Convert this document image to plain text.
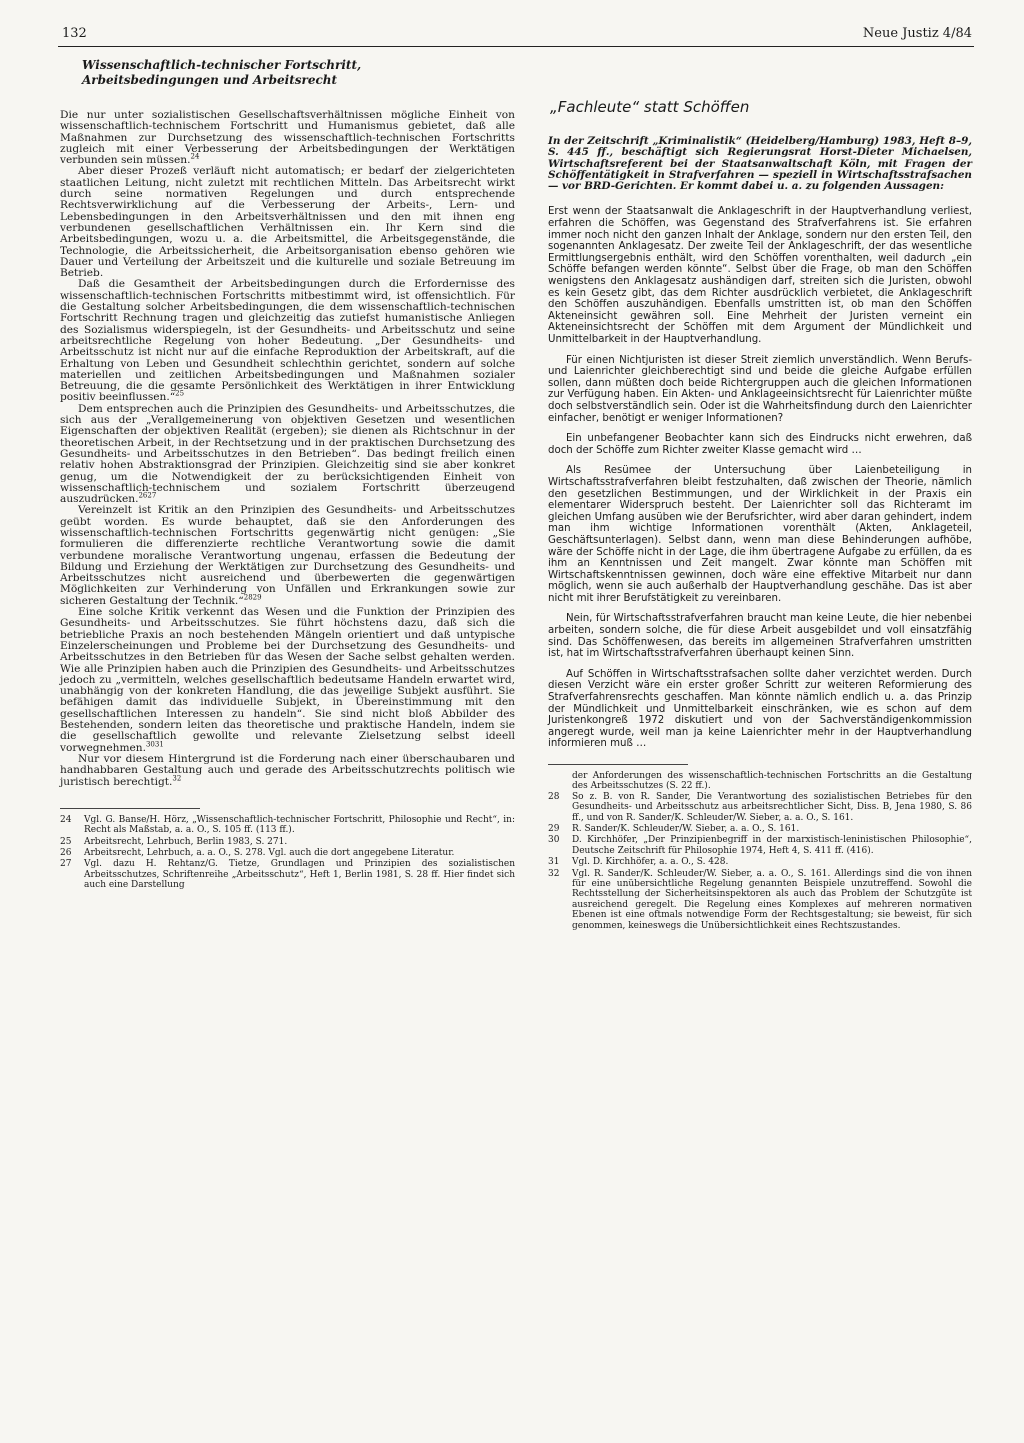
132	Neue Justiz 4/84
Wissenschaftlich-technischer Fortschritt,
Arbeitsbedingungen und Arbeitsrecht

Die nur unter sozialistischen Gesellschaftsverhältnissen mögliche Einheit von wissenschaftlich-technischem Fortschritt und Humanismus gebietet, daß alle Maßnahmen zur Durchsetzung des wissenschaftlich-technischen Fortschritts zugleich mit einer Verbesserung der Arbeitsbedingungen der Werktätigen verbunden sein müssen.$^{24}$

Aber dieser Prozeß verläuft nicht automatisch; er bedarf der zielgerichteten staatlichen Leitung, nicht zuletzt mit rechtlichen Mitteln. Das Arbeitsrecht wirkt durch seine normativen Regelungen und durch entsprechende Rechtsverwirklichung auf die Verbesserung der Arbeits-, Lern- und Lebensbedingungen in den Arbeitsverhältnissen und den mit ihnen eng verbundenen gesellschaftlichen Verhältnissen ein. Ihr Kern sind die Arbeitsbedingungen, wozu u. a. die Arbeitsmittel, die Arbeitsgegenstände, die Technologie, die Arbeitssicherheit, die Arbeitsorganisation ebenso gehören wie Dauer und Verteilung der Arbeitszeit und die kulturelle und soziale Betreuung im Betrieb.

Daß die Gesamtheit der Arbeitsbedingungen durch die Erfordernisse des wissenschaftlich-technischen Fortschritts mitbestimmt wird, ist offensichtlich. Für die Gestaltung solcher Arbeitsbedingungen, die dem wissenschaftlich-technischen Fortschritt Rechnung tragen und gleichzeitig das zutiefst humanistische Anliegen des Sozialismus widerspiegeln, ist der Gesundheits- und Arbeitsschutz und seine arbeitsrechtliche Regelung von hoher Bedeutung. „Der Gesundheits- und Arbeitsschutz ist nicht nur auf die einfache Reproduktion der Arbeitskraft, auf die Erhaltung von Leben und Gesundheit schlechthin gerichtet, sondern auf solche materiellen und zeitlichen Arbeitsbedingungen und Maßnahmen sozialer Betreuung, die die gesamte Persönlichkeit des Werktätigen in ihrer Entwicklung positiv beeinflussen.“$^{25}$

Dem entsprechen auch die Prinzipien des Gesundheits- und Arbeitsschutzes, die sich aus der „Verallgemeinerung von objektiven Gesetzen und wesentlichen Eigenschaften der objektiven Realität (ergeben); sie dienen als Richtschnur in der theoretischen Arbeit, in der Rechtsetzung und in der praktischen Durchsetzung des Gesundheits- und Arbeitsschutzes in den Betrieben“. Das bedingt freilich einen relativ hohen Abstraktionsgrad der Prinzipien. Gleichzeitig sind sie aber konkret genug, um die Notwendigkeit der zu berücksichtigenden Einheit von wissenschaftlich-technischem und sozialem Fortschritt überzeugend auszudrücken.$^{2627}$

Vereinzelt ist Kritik an den Prinzipien des Gesundheits- und Arbeitsschutzes geübt worden. Es wurde behauptet, daß sie den Anforderungen des wissenschaftlich-technischen Fortschritts gegenwärtig nicht genügen: „Sie formulieren die differenzierte rechtliche Verantwortung sowie die damit verbundene moralische Verantwortung ungenau, erfassen die Bedeutung der Bildung und Erziehung der Werktätigen zur Durchsetzung des Gesundheits- und Arbeitsschutzes nicht ausreichend und überbewerten die gegenwärtigen Möglichkeiten zur Verhinderung von Unfällen und Erkrankungen sowie zur sicheren Gestaltung der Technik.“$^{2829}$

Eine solche Kritik verkennt das Wesen und die Funktion der Prinzipien des Gesundheits- und Arbeitsschutzes. Sie führt höchstens dazu, daß sich die betriebliche Praxis an noch bestehenden Mängeln orientiert und daß untypische Einzelerscheinungen und Probleme bei der Durchsetzung des Gesundheits- und Arbeitsschutzes in den Betrieben für das Wesen der Sache selbst gehalten werden. Wie alle Prinzipien haben auch die Prinzipien des Gesundheits- und Arbeitsschutzes jedoch zu „vermitteln, welches gesellschaftlich bedeutsame Handeln erwartet wird, unabhängig von der konkreten Handlung, die das jeweilige Subjekt ausführt. Sie befähigen damit das individuelle Subjekt, in Übereinstimmung mit den gesellschaftlichen Interessen zu handeln“. Sie sind nicht bloß Abbilder des Bestehenden, sondern leiten das theoretische und praktische Handeln, indem sie die gesellschaftlich gewollte und relevante Zielsetzung selbst ideell vorwegnehmen.$^{3031}$

Nur vor diesem Hintergrund ist die Forderung nach einer überschaubaren und handhabbaren Gestaltung auch und gerade des Arbeitsschutzrechts politisch wie juristisch berechtigt.$^{32}$

24	Vgl. G. Banse/H. Hörz, „Wissenschaftlich-technischer Fortschritt, Philosophie und Recht“, in: Recht als Maßstab, a. a. O., S. 105 ff. (113 ff.).
25	Arbeitsrecht, Lehrbuch, Berlin 1983, S. 271.
26	Arbeitsrecht, Lehrbuch, a. a. O., S. 278. Vgl. auch die dort angegebene Literatur.
27	Vgl. dazu H. Rehtanz/G. Tietze, Grundlagen und Prinzipien des sozialistischen Arbeitsschutzes, Schriftenreihe „Arbeitsschutz“, Heft 1, Berlin 1981, S. 28 ff. Hier findet sich auch eine Darstellung
„Fachleute“ statt Schöffen

In der Zeitschrift „Kriminalistik“ (Heidelberg/Hamburg) 1983, Heft 8–9, S. 445 ff., beschäftigt sich Regierungsrat Horst-Dieter Michaelsen, Wirtschaftsreferent bei der Staatsanwaltschaft Köln, mit Fragen der Schöffentätigkeit in Strafverfahren — speziell in Wirtschaftsstrafsachen — vor BRD-Gerichten. Er kommt dabei u. a. zu folgenden Aussagen:

Erst wenn der Staatsanwalt die Anklageschrift in der Hauptverhandlung verliest, erfahren die Schöffen, was Gegenstand des Strafverfahrens ist. Sie erfahren immer noch nicht den ganzen Inhalt der Anklage, sondern nur den ersten Teil, den sogenannten Anklagesatz. Der zweite Teil der Anklageschrift, der das wesentliche Ermittlungsergebnis enthält, wird den Schöffen vorenthalten, weil dadurch „ein Schöffe befangen werden könnte“. Selbst über die Frage, ob man den Schöffen wenigstens den Anklagesatz aushändigen darf, streiten sich die Juristen, obwohl es kein Gesetz gibt, das dem Richter ausdrücklich verbietet, die Anklageschrift den Schöffen auszuhändigen. Ebenfalls umstritten ist, ob man den Schöffen Akteneinsicht gewähren soll. Eine Mehrheit der Juristen verneint ein Akteneinsichtsrecht der Schöffen mit dem Argument der Mündlichkeit und Unmittelbarkeit in der Hauptverhandlung.

Für einen Nichtjuristen ist dieser Streit ziemlich unverständlich. Wenn Berufs- und Laienrichter gleichberechtigt sind und beide die gleiche Aufgabe erfüllen sollen, dann müßten doch beide Richtergruppen auch die gleichen Informationen zur Verfügung haben. Ein Akten- und Anklageeinsichtsrecht für Laienrichter müßte doch selbstverständlich sein. Oder ist die Wahrheitsfindung durch den Laienrichter einfacher, benötigt er weniger Informationen?

Ein unbefangener Beobachter kann sich des Eindrucks nicht erwehren, daß doch der Schöffe zum Richter zweiter Klasse gemacht wird …

Als Resümee der Untersuchung über Laienbeteiligung in Wirtschaftsstrafverfahren bleibt festzuhalten, daß zwischen der Theorie, nämlich den gesetzlichen Bestimmungen, und der Wirklichkeit in der Praxis ein elementarer Widerspruch besteht. Der Laienrichter soll das Richteramt im gleichen Umfang ausüben wie der Berufsrichter, wird aber daran gehindert, indem man ihm wichtige Informationen vorenthält (Akten, Anklageteil, Geschäftsunterlagen). Selbst dann, wenn man diese Behinderungen aufhöbe, wäre der Schöffe nicht in der Lage, die ihm übertragene Aufgabe zu erfüllen, da es ihm an Kenntnissen und Zeit mangelt. Zwar könnte man Schöffen mit Wirtschaftskenntnissen gewinnen, doch wäre eine effektive Mitarbeit nur dann möglich, wenn sie auch außerhalb der Hauptverhandlung geschähe. Das ist aber nicht mit ihrer Berufstätigkeit zu vereinbaren.

Nein, für Wirtschaftsstrafverfahren braucht man keine Leute, die hier nebenbei arbeiten, sondern solche, die für diese Arbeit ausgebildet und voll einsatzfähig sind. Das Schöffenwesen, das bereits im allgemeinen Strafverfahren umstritten ist, hat im Wirtschaftsstrafverfahren überhaupt keinen Sinn.

Auf Schöffen in Wirtschaftsstrafsachen sollte daher verzichtet werden. Durch diesen Verzicht wäre ein erster großer Schritt zur weiteren Reformierung des Strafverfahrensrechts geschaffen. Man könnte nämlich endlich u. a. das Prinzip der Mündlichkeit und Unmittelbarkeit einschränken, wie es schon auf dem Juristenkongreß 1972 diskutiert und von der Sachverständigenkommission angeregt wurde, weil man ja keine Laienrichter mehr in der Hauptverhandlung informieren muß …

der Anforderungen des wissenschaftlich-technischen Fortschritts an die Gestaltung des Arbeitsschutzes (S. 22 ff.).
28	So z. B. von R. Sander, Die Verantwortung des sozialistischen Betriebes für den Gesundheits- und Arbeitsschutz aus arbeitsrechtlicher Sicht, Diss. B, Jena 1980, S. 86 ff., und von R. Sander/K. Schleuder/W. Sieber, a. a. O., S. 161.
29	R. Sander/K. Schleuder/W. Sieber, a. a. O., S. 161.
30	D. Kirchhöfer, „Der Prinzipienbegriff in der marxistisch-leninistischen Philosophie“, Deutsche Zeitschrift für Philosophie 1974, Heft 4, S. 411 ff. (416).
31	Vgl. D. Kirchhöfer, a. a. O., S. 428.
32	Vgl. R. Sander/K. Schleuder/W. Sieber, a. a. O., S. 161. Allerdings sind die von ihnen für eine unübersichtliche Regelung genannten Beispiele unzutreffend. Sowohl die Rechtsstellung der Sicherheitsinspektoren als auch das Problem der Schutzgüte ist ausreichend geregelt. Die Regelung eines Komplexes auf mehreren normativen Ebenen ist eine oftmals notwendige Form der Rechtsgestaltung; sie beweist, für sich genommen, keineswegs die Unübersichtlichkeit eines Rechtszustandes.
